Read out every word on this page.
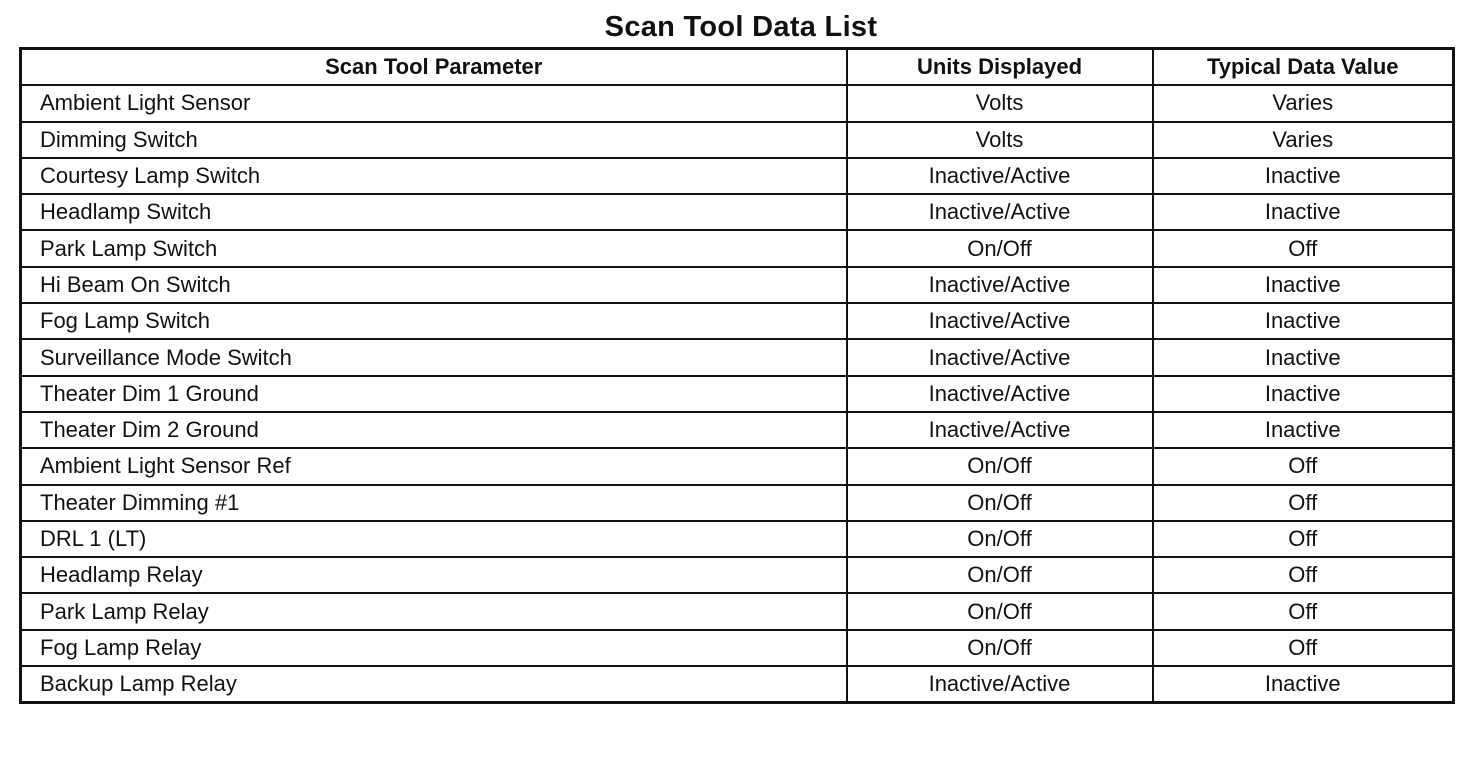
Scan Tool Data List
Scan Tool Parameter	Units Displayed	Typical Data Value
Ambient Light Sensor	Volts	Varies
Dimming Switch	Volts	Varies
Courtesy Lamp Switch	Inactive/Active	Inactive
Headlamp Switch	Inactive/Active	Inactive
Park Lamp Switch	On/Off	Off
Hi Beam On Switch	Inactive/Active	Inactive
Fog Lamp Switch	Inactive/Active	Inactive
Surveillance Mode Switch	Inactive/Active	Inactive
Theater Dim 1 Ground	Inactive/Active	Inactive
Theater Dim 2 Ground	Inactive/Active	Inactive
Ambient Light Sensor Ref	On/Off	Off
Theater Dimming #1	On/Off	Off
DRL 1 (LT)	On/Off	Off
Headlamp Relay	On/Off	Off
Park Lamp Relay	On/Off	Off
Fog Lamp Relay	On/Off	Off
Backup Lamp Relay	Inactive/Active	Inactive
